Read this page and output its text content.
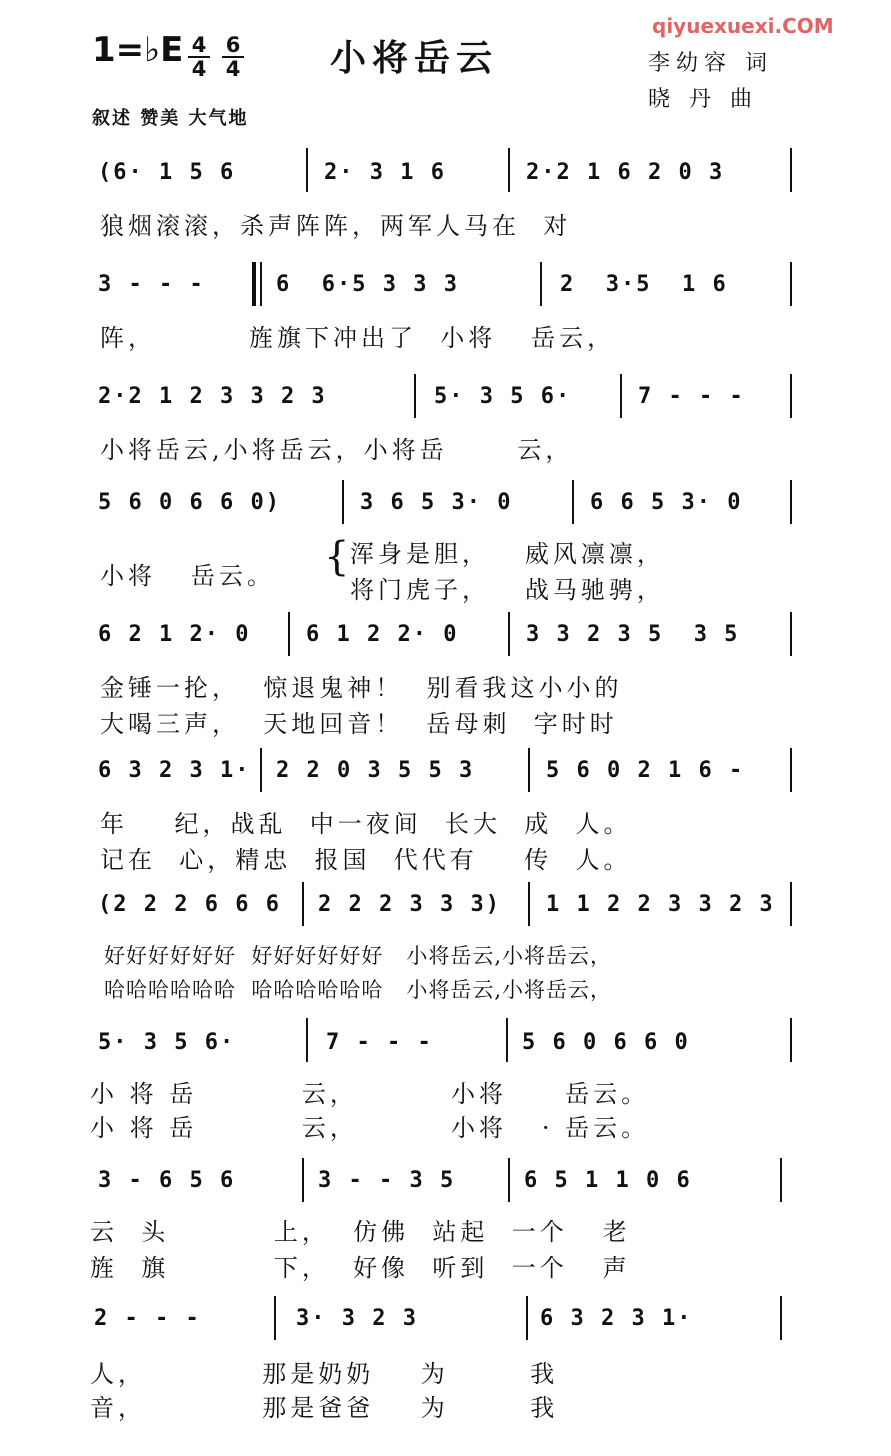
qiyuexuexi.COM
1=♭E 4
4
6
4 小将岳云	李幼容 词
晓 丹 曲
叙述 赞美 大气地
(6· 1 5 6	2· 3 1 6	2·2 1 6 2 0 3
狼烟滚滚，杀声阵阵，两军人马在  对
3 - - -	6  6·5 3 3 3	2  3·5  1 6
阵，        旌旗下冲出了  小将   岳云，
2·2 1 2 3 3 2 3	5· 3 5 6·	7 - - -
小将岳云,小将岳云，小将岳      云，
5 6 0 6 6 0)	3 6 5 3· 0	6 6 5 3· 0
小将   岳云。 { 浑身是胆，   威风凛凛，
将门虎子，   战马驰骋，
6 2 1 2· 0	6 1 2 2· 0	3 3 2 3 5  3 5
金锤一抡，  惊退鬼神！  别看我这小小的
大喝三声，  天地回音！  岳母刺  字时时
6 3 2 3 1· 2 2 0 3 5 5 3	5 6 0 2 1 6 -
年    纪，战乱  中一夜间  长大  成  人。
记在  心，精忠  报国  代代有    传  人。
(2 2 2 6 6 6 2 2 2 3 3 3) 1 1 2 2 3 3 2 3
好好好好好好  好好好好好好   小将岳云,小将岳云，
哈哈哈哈哈哈  哈哈哈哈哈哈   小将岳云,小将岳云，
5· 3 5 6·	7 - - -	5 6 0 6 6 0
小 将 岳         云，        小将     岳云。
小 将 岳         云，        小将   · 岳云。
3 - 6 5 6	3 - - 3 5	6 5 1 1 0 6
云  头         上，  仿佛  站起  一个   老
旌  旗         下，  好像  听到  一个   声
2 - - -	3· 3 2 3	6 3 2 3 1·
人，          那是奶奶    为       我
音，          那是爸爸    为       我
